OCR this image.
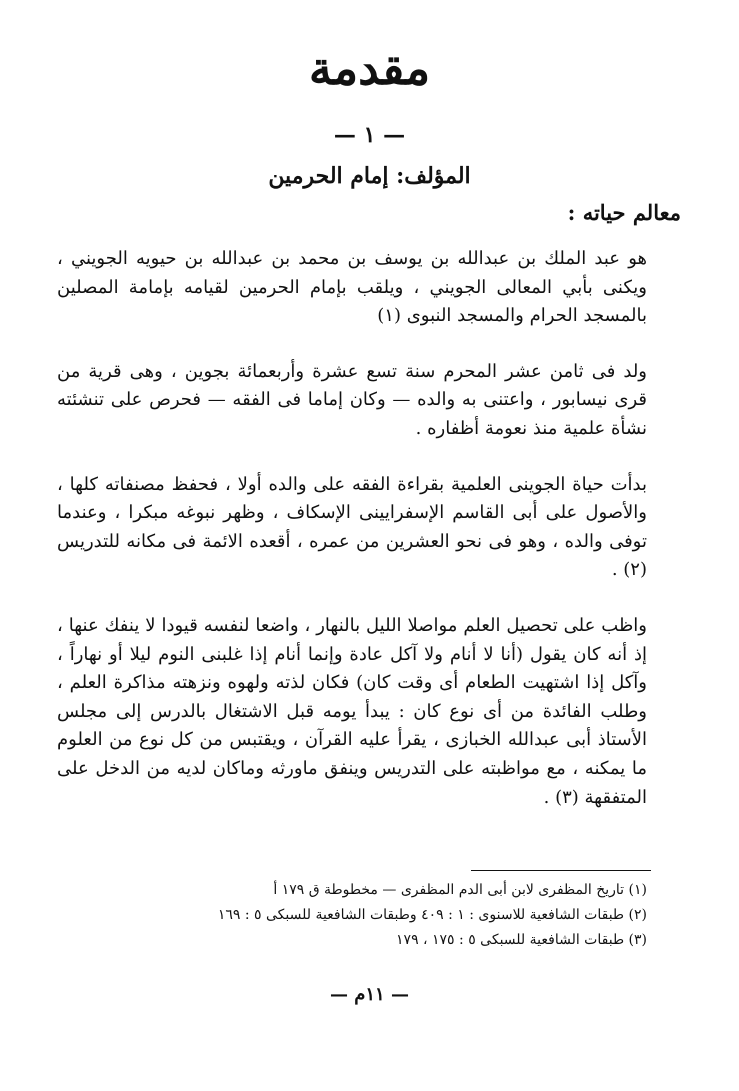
مقدمة
— ١ —
المؤلف: إمام الحرمين
معالم حياته :

هو عبد الملك بن عبدالله بن يوسف بن محمد بن عبدالله بن حيويه الجويني ، ويكنى بأبي المعالى الجويني ، ويلقب بإمام الحرمين لقيامه بإمامة المصلين بالمسجد الحرام والمسجد النبوى (١)

ولد فى ثامن عشر المحرم سنة تسع عشرة وأربعمائة بجوين ، وهى قرية من قرى نيسابور ، واعتنى به والده — وكان إماما فى الفقه — فحرص على تنشئته نشأة علمية منذ نعومة أظفاره .

بدأت حياة الجوينى العلمية بقراءة الفقه على والده أولا ، فحفظ مصنفاته كلها ، والأصول على أبى القاسم الإسفرايينى الإسكاف ، وظهر نبوغه مبكرا ، وعندما توفى والده ، وهو فى نحو العشرين من عمره ، أقعده الائمة فى مكانه للتدريس (٢) .

واظب على تحصيل العلم مواصلا الليل بالنهار ، واضعا لنفسه قيودا لا ينفك عنها ، إذ أنه كان يقول (أنا لا أنام ولا آكل عادة وإنما أنام إذا غلبنى النوم ليلا أو نهاراً ، وآكل إذا اشتهيت الطعام أى وقت كان) فكان لذته ولهوه ونزهته مذاكرة العلم ، وطلب الفائدة من أى نوع كان : يبدأ يومه قبل الاشتغال بالدرس إلى مجلس الأستاذ أبى عبدالله الخبازى ، يقرأ عليه القرآن ، ويقتبس من كل نوع من العلوم ما يمكنه ، مع مواظبته على التدريس وينفق ماورثه وماكان لديه من الدخل على المتفقهة (٣) .

(١) تاريخ المظفرى لابن أبى الدم المظفرى — مخطوطة ق ١٧٩ أ
(٢) طبقات الشافعية للاسنوى : ١ : ٤٠٩ وطبقات الشافعية للسبكى ٥ : ١٦٩
(٣) طبقات الشافعية للسبكى ٥ : ١٧٥ ، ١٧٩
— ١١م —
